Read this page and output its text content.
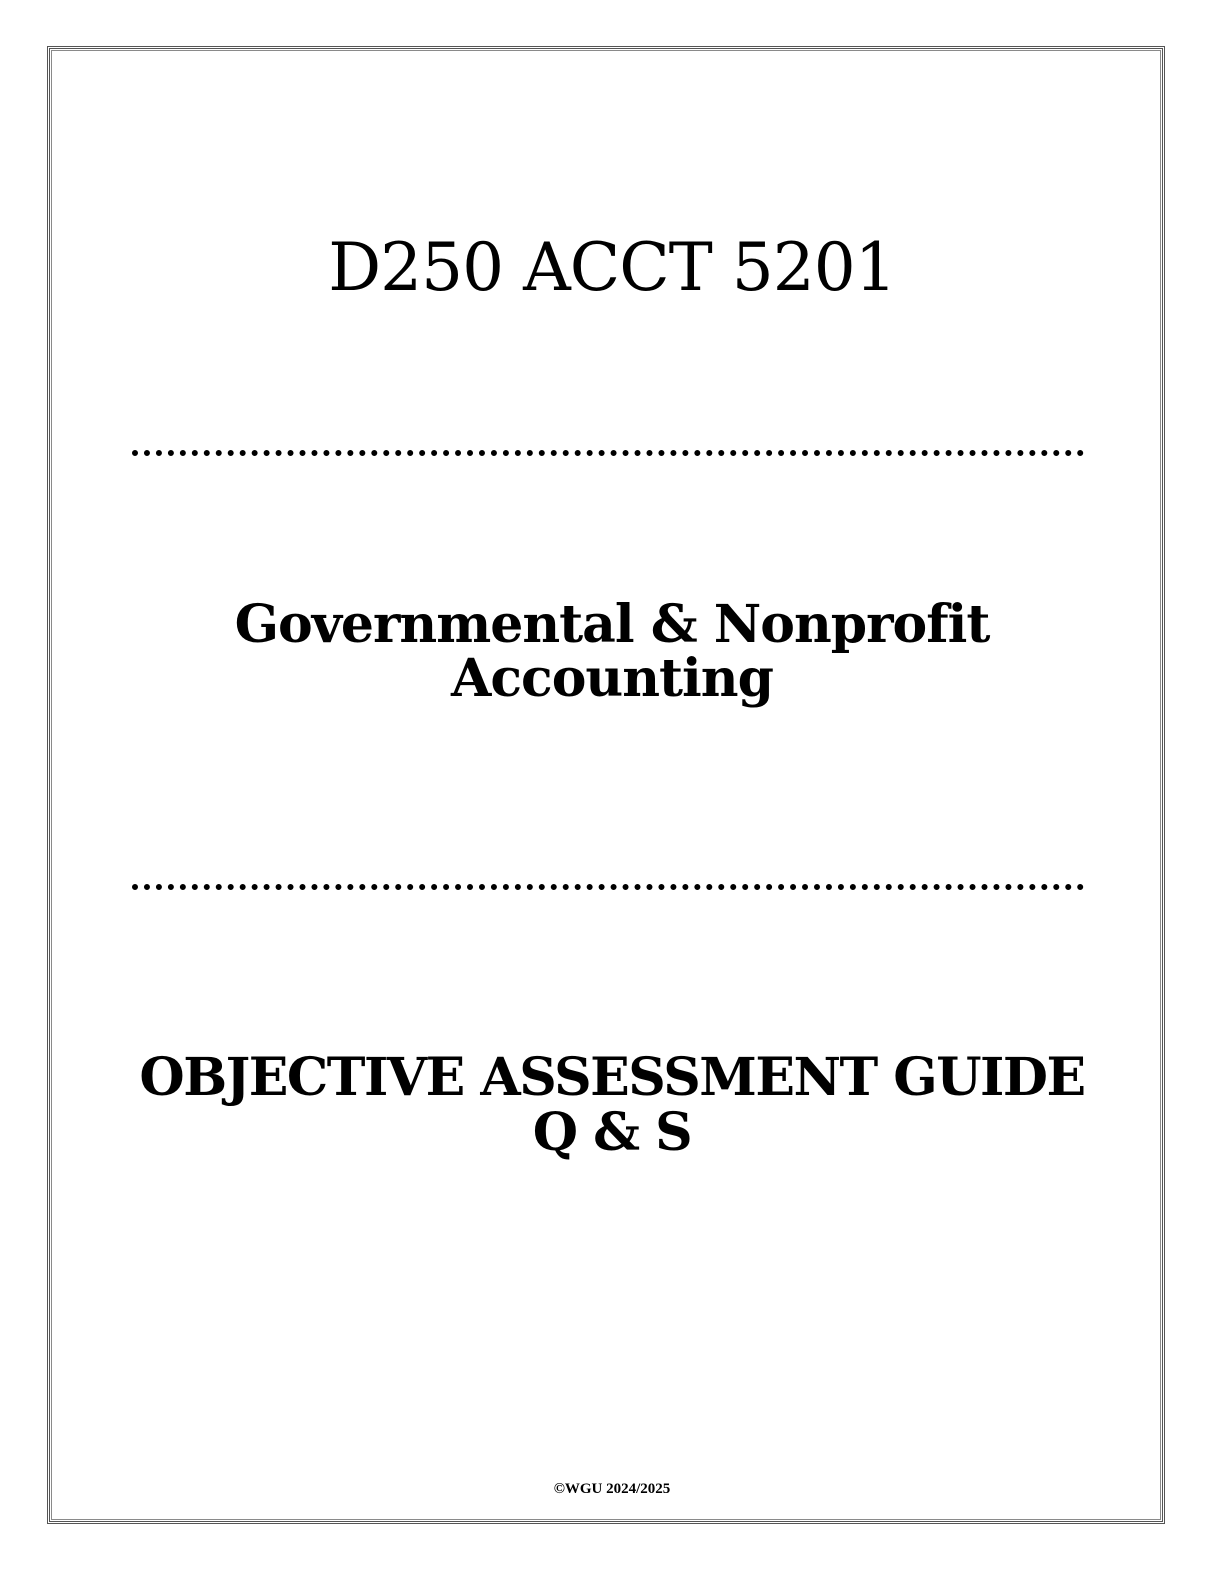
D250 ACCT 5201
Governmental & Nonprofit
Accounting
OBJECTIVE ASSESSMENT GUIDE
Q & S
©WGU 2024/2025
